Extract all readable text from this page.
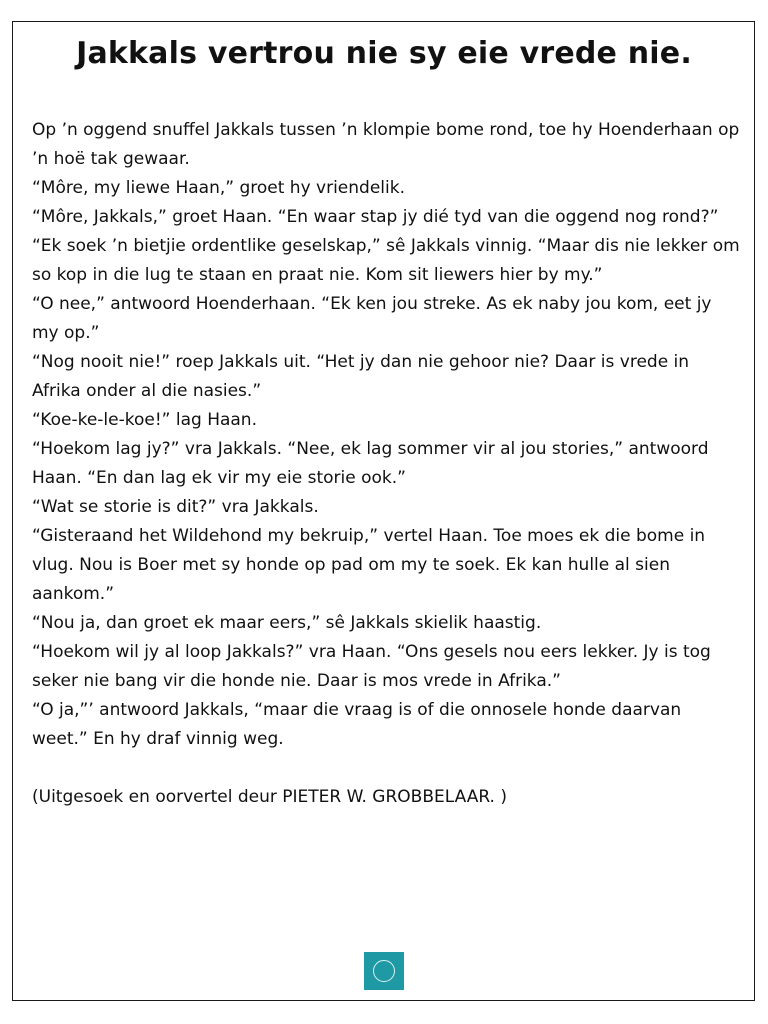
Jakkals vertrou nie sy eie vrede nie.

Op ’n oggend snuffel Jakkals tussen ’n klompie bome rond, toe hy Hoenderhaan op ’n hoë tak gewaar.

“Môre, my liewe Haan,” groet hy vriendelik.

“Môre, Jakkals,” groet Haan. “En waar stap jy dié tyd van die oggend nog rond?”

“Ek soek ’n bietjie ordentlike geselskap,” sê Jakkals vinnig. “Maar dis nie lekker om so kop in die lug te staan en praat nie. Kom sit liewers hier by my.”

“O nee,” antwoord Hoenderhaan. “Ek ken jou streke. As ek naby jou kom, eet jy my op.”

“Nog nooit nie!” roep Jakkals uit. “Het jy dan nie gehoor nie? Daar is vrede in Afrika onder al die nasies.”

“Koe-ke-le-koe!” lag Haan.

“Hoekom lag jy?” vra Jakkals. “Nee, ek lag sommer vir al jou stories,” antwoord Haan. “En dan lag ek vir my eie storie ook.”

“Wat se storie is dit?” vra Jakkals.

“Gisteraand het Wildehond my bekruip,” vertel Haan. Toe moes ek die bome in vlug. Nou is Boer met sy honde op pad om my te soek. Ek kan hulle al sien aankom.”

“Nou ja, dan groet ek maar eers,” sê Jakkals skielik haastig.

“Hoekom wil jy al loop Jakkals?” vra Haan. “Ons gesels nou eers lekker. Jy is tog seker nie bang vir die honde nie. Daar is mos vrede in Afrika.”

“O ja,”’ antwoord Jakkals, “maar die vraag is of die onnosele honde daarvan weet.” En hy draf vinnig weg.

(Uitgesoek en oorvertel deur PIETER W. GROBBELAAR. )
